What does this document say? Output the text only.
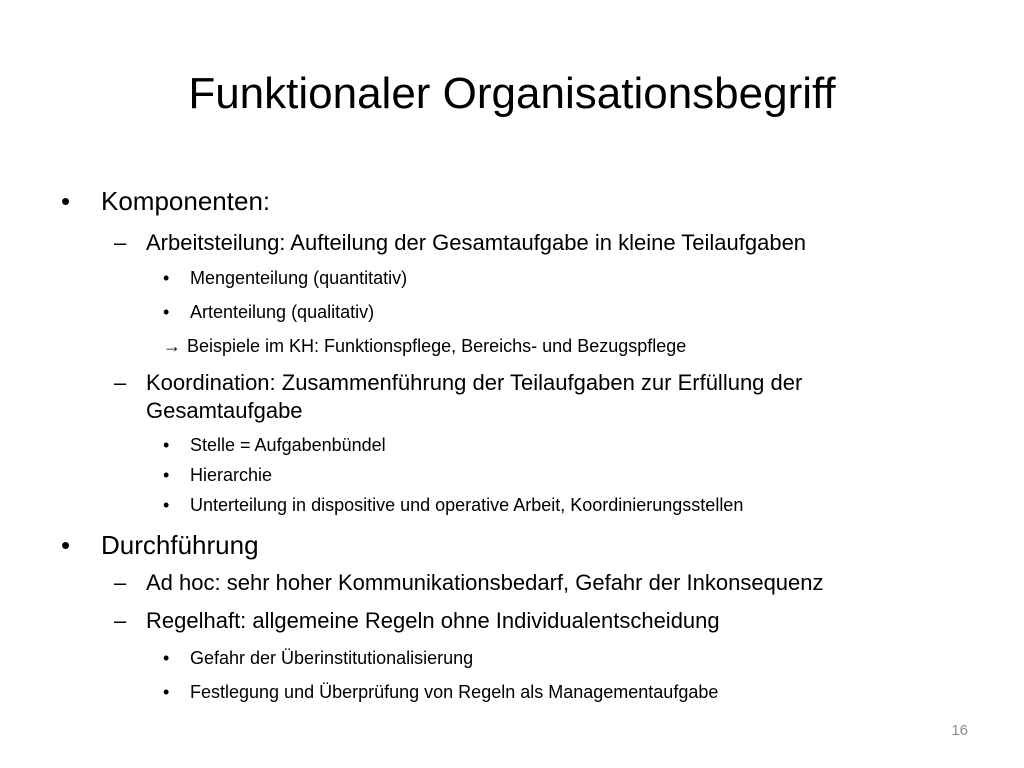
Funktionaler Organisationsbegriff
• Komponenten:
– Arbeitsteilung: Aufteilung der Gesamtaufgabe in kleine Teilaufgaben
• Mengenteilung (quantitativ)
• Artenteilung (qualitativ)
→ Beispiele im KH: Funktionspflege, Bereichs- und Bezugspflege
– Koordination: Zusammenführung der Teilaufgaben zur Erfüllung der
Gesamtaufgabe
• Stelle = Aufgabenbündel
• Hierarchie
• Unterteilung in dispositive und operative Arbeit, Koordinierungsstellen
• Durchführung
– Ad hoc: sehr hoher Kommunikationsbedarf, Gefahr der Inkonsequenz
– Regelhaft: allgemeine Regeln ohne Individualentscheidung
• Gefahr der Überinstitutionalisierung
• Festlegung und Überprüfung von Regeln als Managementaufgabe
16
